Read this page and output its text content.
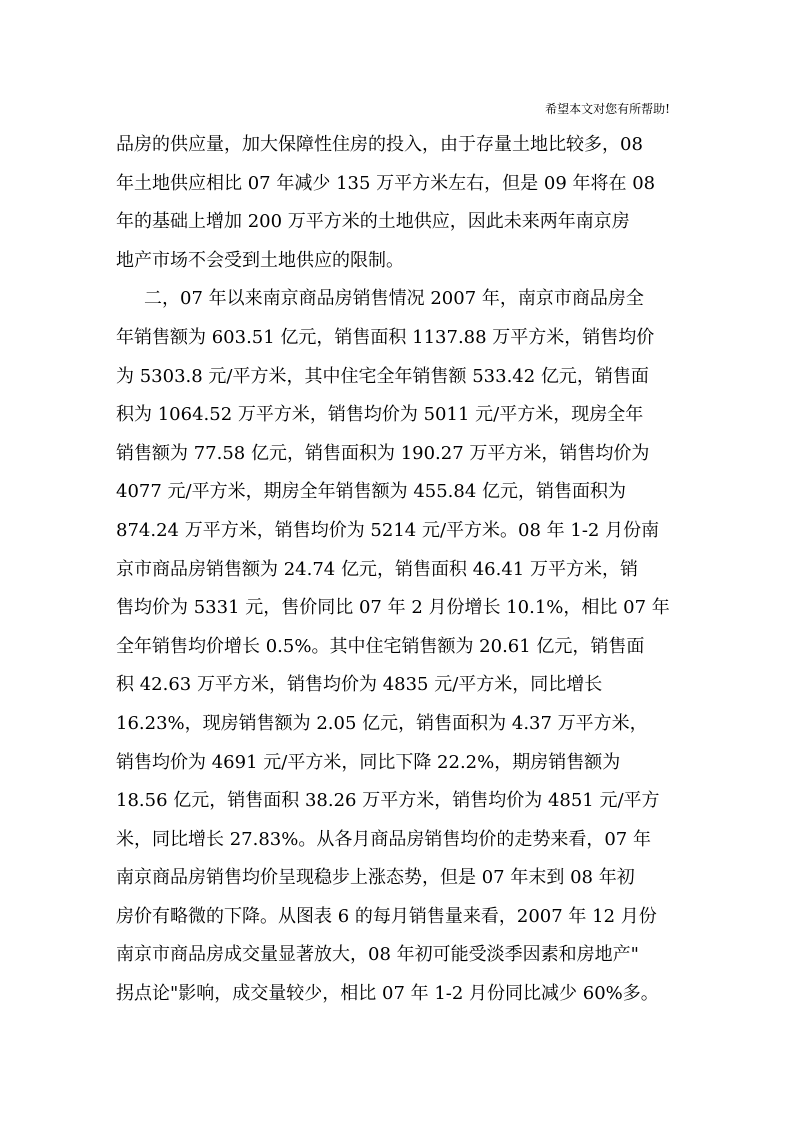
希望本文对您有所帮助!
品房的供应量，加大保障性住房的投入，由于存量土地比较多，08
年土地供应相比 07 年减少 135 万平方米左右，但是 09 年将在 08
年的基础上增加 200 万平方米的土地供应，因此未来两年南京房
地产市场不会受到土地供应的限制。
二，07 年以来南京商品房销售情况 2007 年，南京市商品房全
年销售额为 603.51 亿元，销售面积 1137.88 万平方米，销售均价
为 5303.8 元/平方米，其中住宅全年销售额 533.42 亿元，销售面
积为 1064.52 万平方米，销售均价为 5011 元/平方米，现房全年
销售额为 77.58 亿元，销售面积为 190.27 万平方米，销售均价为
4077 元/平方米，期房全年销售额为 455.84 亿元，销售面积为
874.24 万平方米，销售均价为 5214 元/平方米。08 年 1-2 月份南
京市商品房销售额为 24.74 亿元，销售面积 46.41 万平方米，销
售均价为 5331 元，售价同比 07 年 2 月份增长 10.1%，相比 07 年
全年销售均价增长 0.5%。其中住宅销售额为 20.61 亿元，销售面
积 42.63 万平方米，销售均价为 4835 元/平方米，同比增长
16.23%，现房销售额为 2.05 亿元，销售面积为 4.37 万平方米，
销售均价为 4691 元/平方米，同比下降 22.2%，期房销售额为
18.56 亿元，销售面积 38.26 万平方米，销售均价为 4851 元/平方
米，同比增长 27.83%。从各月商品房销售均价的走势来看，07 年
南京商品房销售均价呈现稳步上涨态势，但是 07 年末到 08 年初
房价有略微的下降。从图表 6 的每月销售量来看，2007 年 12 月份
南京市商品房成交量显著放大，08 年初可能受淡季因素和房地产"
拐点论"影响，成交量较少，相比 07 年 1-2 月份同比减少 60%多。
